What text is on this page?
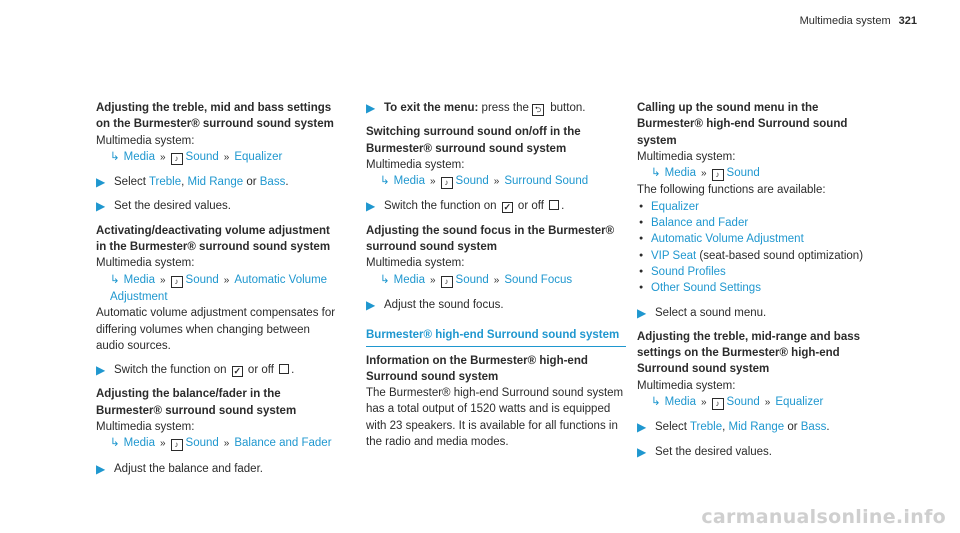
Multimedia system 321
Adjusting the treble, mid and bass settings on the Burmester® surround sound system
Multimedia system:
↳ Media » ♪ Sound » Equalizer
▶ Select Treble, Mid Range or Bass.
▶ Set the desired values.
Activating/deactivating volume adjustment in the Burmester® surround sound system
Multimedia system:
↳ Media » ♪ Sound » Automatic Volume Adjustment
Automatic volume adjustment compensates for differing volumes when changing between audio sources.
▶ Switch the function on ✓ or off .
Adjusting the balance/fader in the Burmester® surround sound system
Multimedia system:
↳ Media » ♪ Sound » Balance and Fader
▶ Adjust the balance and fader.
▶ To exit the menu: press the ⮌ button.
Switching surround sound on/off in the Burmester® surround sound system
Multimedia system:
↳ Media » ♪ Sound » Surround Sound
▶ Switch the function on ✓ or off .
Adjusting the sound focus in the Burmester® surround sound system
Multimedia system:
↳ Media » ♪ Sound » Sound Focus
▶ Adjust the sound focus.
Burmester® high-end Surround sound system
Information on the Burmester® high-end Surround sound system
The Burmester® high-end Surround sound system has a total output of 1520 watts and is equipped with 23 speakers. It is available for all functions in the radio and media modes.
Calling up the sound menu in the Burmester® high-end Surround sound system
Multimedia system:
↳ Media » ♪ Sound
The following functions are available:
● Equalizer
● Balance and Fader
● Automatic Volume Adjustment
● VIP Seat (seat-based sound optimization)
● Sound Profiles
● Other Sound Settings
▶ Select a sound menu.
Adjusting the treble, mid-range and bass settings on the Burmester® high-end Surround sound system
Multimedia system:
↳ Media » ♪ Sound » Equalizer
▶ Select Treble, Mid Range or Bass.
▶ Set the desired values.
carmanualsonline.info
